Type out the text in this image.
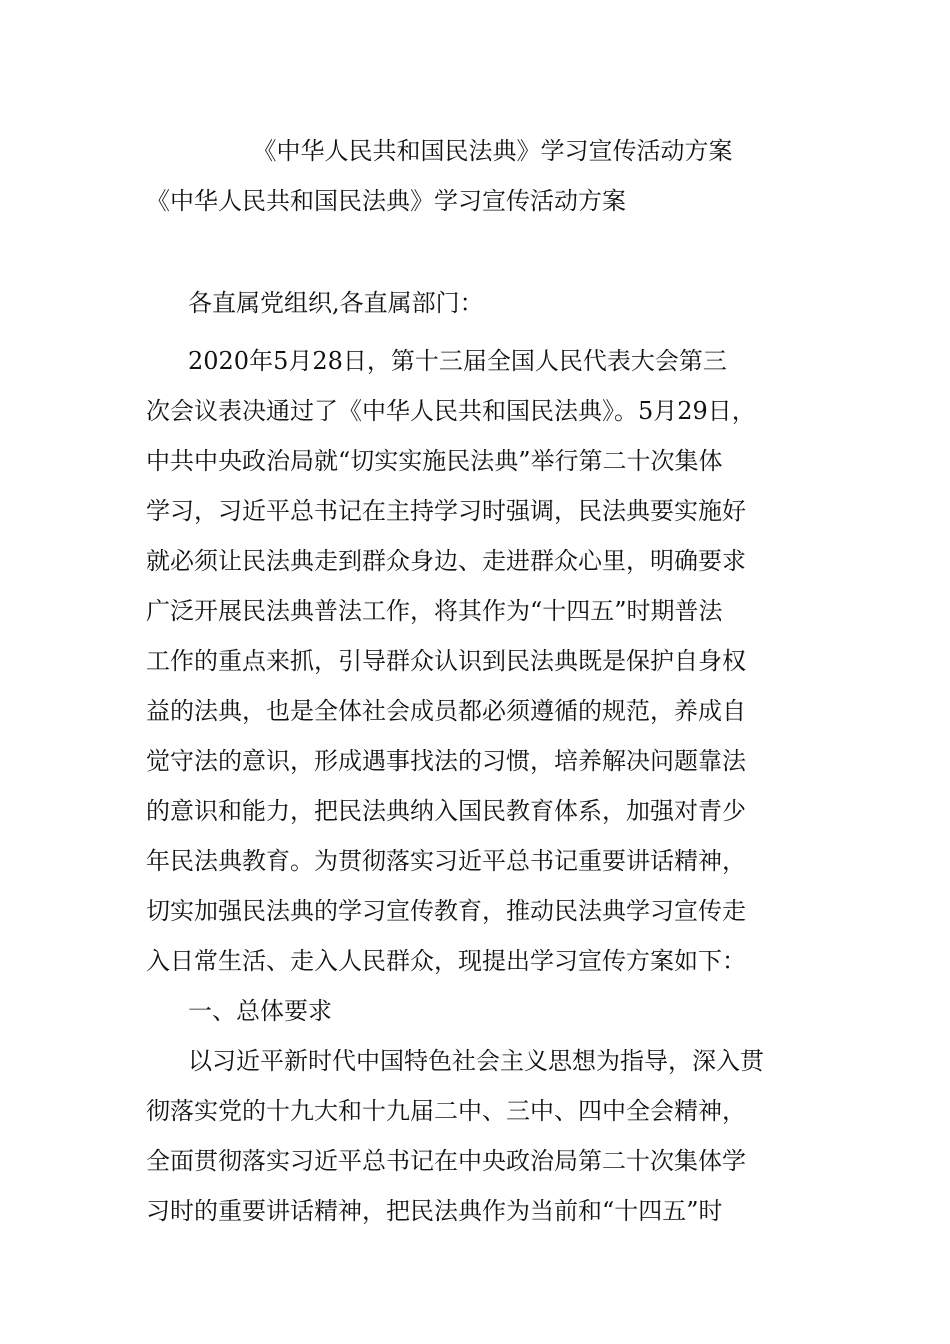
《中华人民共和国民法典》学习宣传活动方案
《中华人民共和国民法典》学习宣传活动方案

各直属党组织,各直属部门：

2020年5月28日，第十三届全国人民代表大会第三
次会议表决通过了《中华人民共和国民法典》。5月29日，
中共中央政治局就“切实实施民法典”举行第二十次集体
学习，习近平总书记在主持学习时强调，民法典要实施好
就必须让民法典走到群众身边、走进群众心里，明确要求
广泛开展民法典普法工作，将其作为“十四五”时期普法
工作的重点来抓，引导群众认识到民法典既是保护自身权
益的法典，也是全体社会成员都必须遵循的规范，养成自
觉守法的意识，形成遇事找法的习惯，培养解决问题靠法
的意识和能力，把民法典纳入国民教育体系，加强对青少
年民法典教育。为贯彻落实习近平总书记重要讲话精神，
切实加强民法典的学习宣传教育，推动民法典学习宣传走
入日常生活、走入人民群众，现提出学习宣传方案如下：
一、总体要求
以习近平新时代中国特色社会主义思想为指导，深入贯
彻落实党的十九大和十九届二中、三中、四中全会精神，
全面贯彻落实习近平总书记在中央政治局第二十次集体学
习时的重要讲话精神，把民法典作为当前和“十四五”时
